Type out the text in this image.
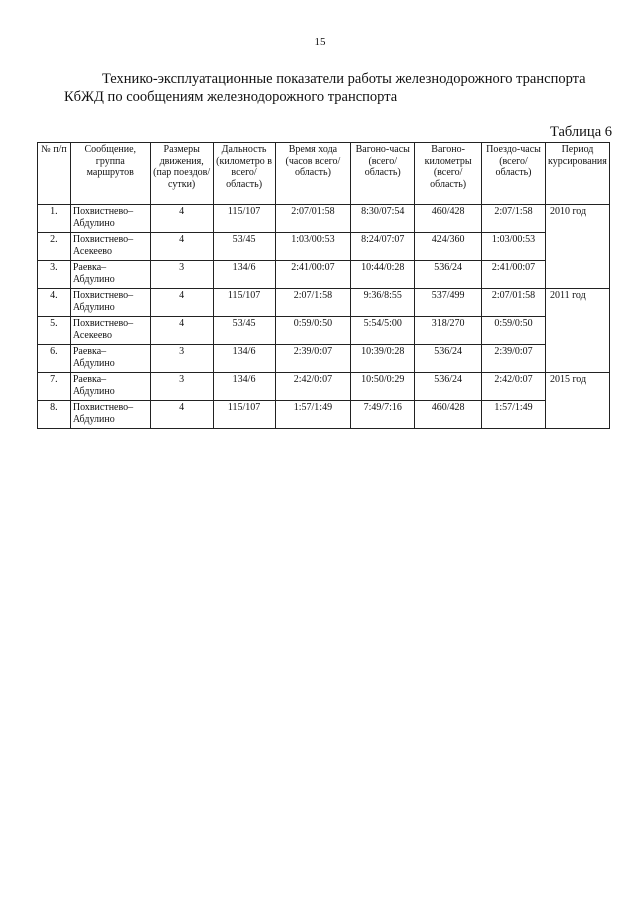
15
Технико-эксплуатационные показатели работы железнодорожного транспорта
КбЖД по сообщениям железнодорожного транспорта
Таблица 6
№ п/п	Сообщение, группа маршрутов	Размеры движения, (пар поездов/ сутки)	Дальность (километро в всего/ область)	Время хода (часов всего/ область)	Вагоно-часы (всего/ область)	Вагоно-километры (всего/ область)	Поездо-часы (всего/ область)	Период курсирования
1.	Похвистнево–Абдулино	4	115/107	2:07/01:58	8:30/07:54	460/428	2:07/1:58	2010 год
2.	Похвистнево–Асекеево	4	53/45	1:03/00:53	8:24/07:07	424/360	1:03/00:53	
3.	Раевка–Абдулино	3	134/6	2:41/00:07	10:44/0:28	536/24	2:41/00:07	
4.	Похвистнево–Абдулино	4	115/107	2:07/1:58	9:36/8:55	537/499	2:07/01:58	2011 год
5.	Похвистнево–Асекеево	4	53/45	0:59/0:50	5:54/5:00	318/270	0:59/0:50	
6.	Раевка–Абдулино	3	134/6	2:39/0:07	10:39/0:28	536/24	2:39/0:07	
7.	Раевка–Абдулино	3	134/6	2:42/0:07	10:50/0:29	536/24	2:42/0:07	2015 год
8.	Похвистнево–Абдулино	4	115/107	1:57/1:49	7:49/7:16	460/428	1:57/1:49	
